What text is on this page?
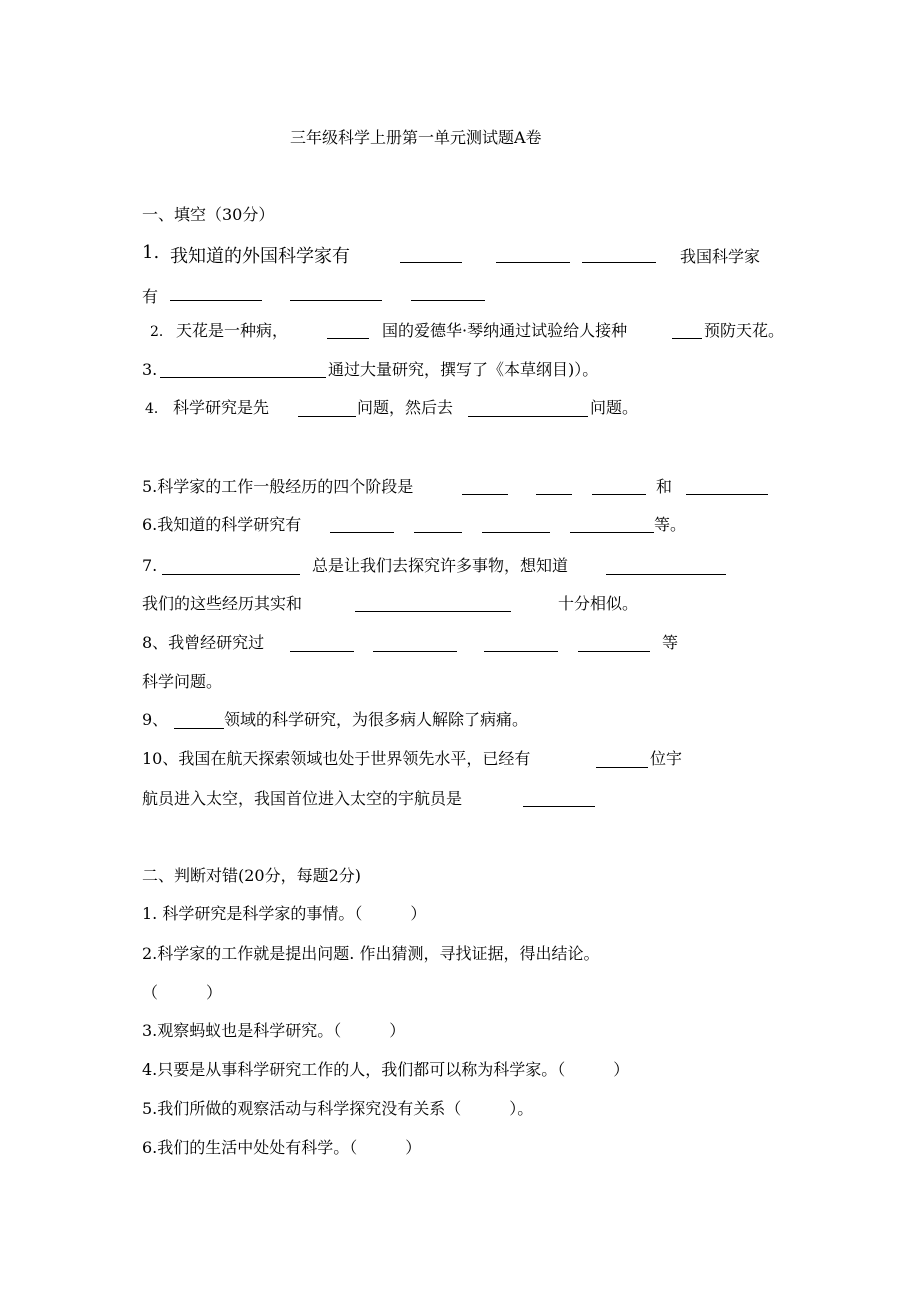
三年级科学上册第一单元测试题A卷
一、填空（30分）
1. 我知道的外国科学家有	我国科学家
有
2． 天花是一种病，	国的爱德华·琴纳通过试验给人接种	预防天花。
3.	通过大量研究，撰写了《本草纲目)）。
4． 科学研究是先	问题，然后去	问题。
5.科学家的工作一般经历的四个阶段是	和
6.我知道的科学研究有	等。
7.	总是让我们去探究许多事物，想知道
我们的这些经历其实和	十分相似。
8、我曾经研究过	等
科学问题。
9、	领域的科学研究，为很多病人解除了病痛。
10、我国在航天探索领域也处于世界领先水平，已经有	位宇
航员进入太空，我国首位进入太空的宇航员是
二、判断对错(20分，每题2分)
1. 科学研究是科学家的事情。（　　　）
2.科学家的工作就是提出问题. 作出猜测，寻找证据，得出结论。
（　　　）
3.观察蚂蚁也是科学研究。（　　　）
4.只要是从事科学研究工作的人，我们都可以称为科学家。（　　　）
5.我们所做的观察活动与科学探究没有关系（　　　）。
6.我们的生活中处处有科学。（　　　）
